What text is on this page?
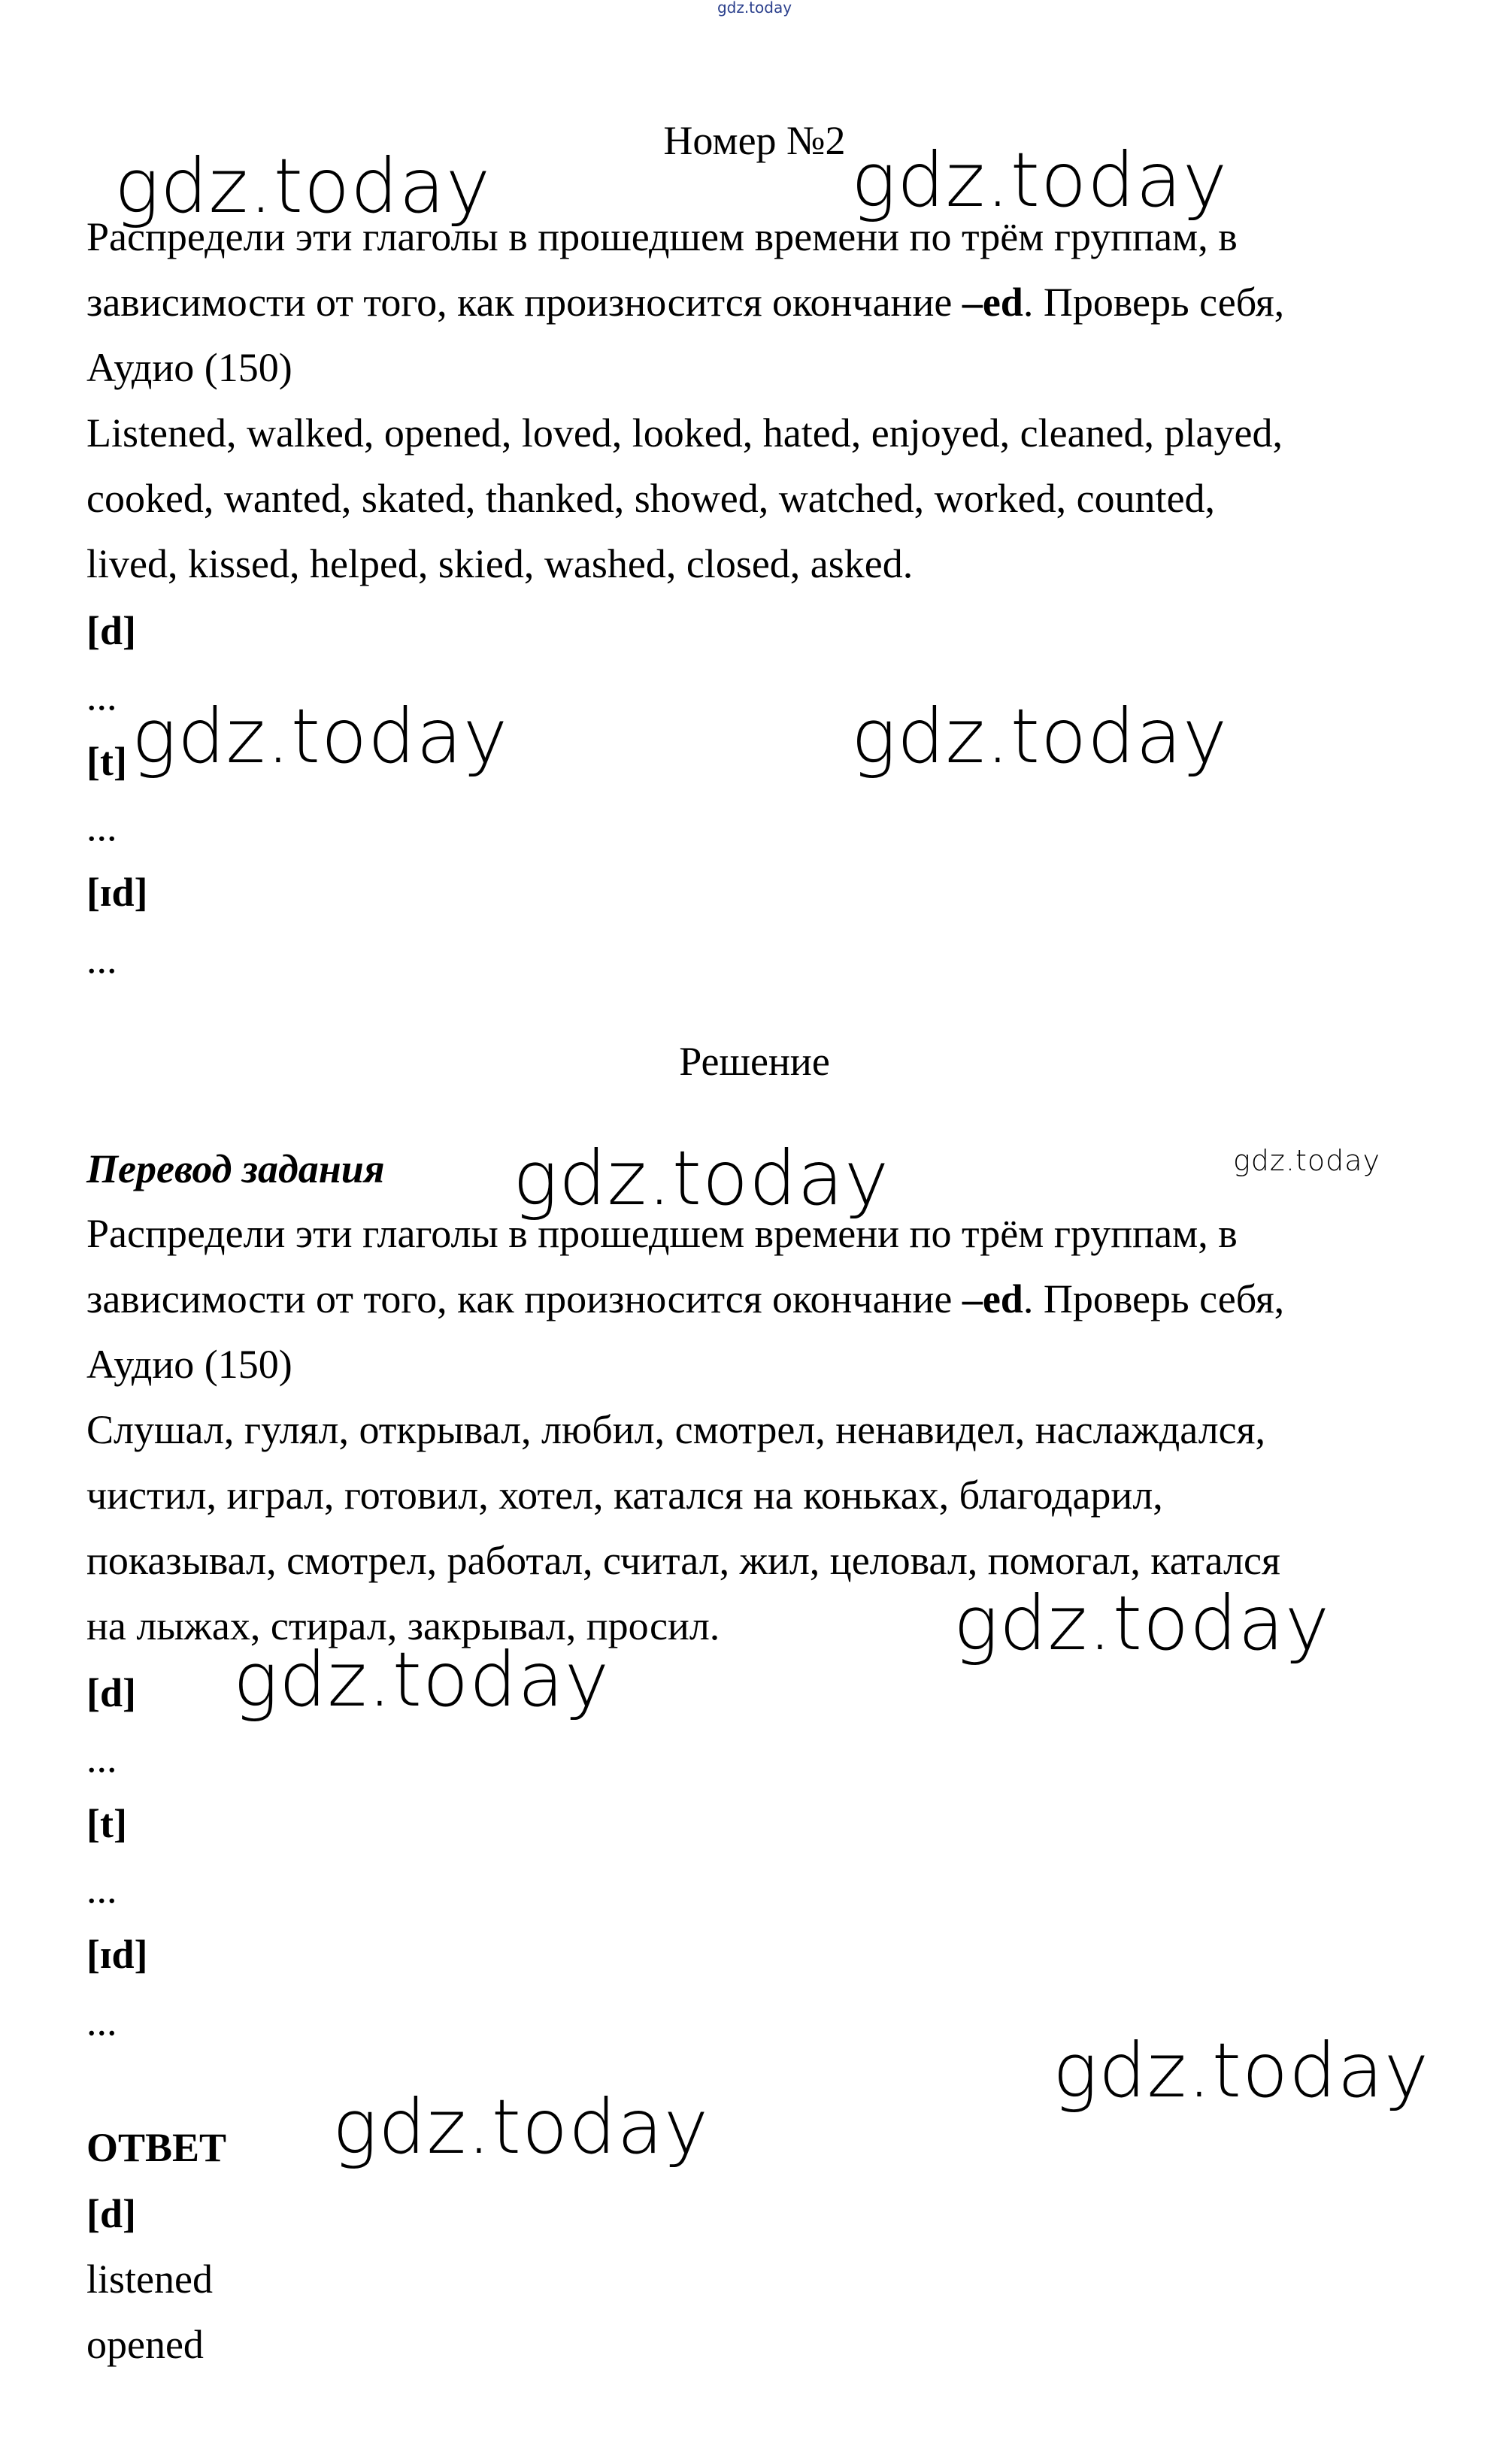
gdz.today
gdz.today	gdz.today
gdz.today	gdz.today
gdz.today	gdz.today
gdz.today
gdz.today
gdz.today
gdz.today
Номер №2
Распредели эти глаголы в прошедшем времени по трём группам, в
зависимости от того, как произносится окончание –ed. Проверь себя,
Аудио (150)
Listened, walked, opened, loved, looked, hated, enjoyed, cleaned, played,
cooked, wanted, skated, thanked, showed, watched, worked, counted,
lived, kissed, helped, skied, washed, closed, asked.
[d]
...
[t]
...
[ɪd]
...
Решение
Перевод задания
Распредели эти глаголы в прошедшем времени по трём группам, в
зависимости от того, как произносится окончание –ed. Проверь себя,
Аудио (150)
Слушал, гулял, открывал, любил, смотрел, ненавидел, наслаждался,
чистил, играл, готовил, хотел, катался на коньках, благодарил,
показывал, смотрел, работал, считал, жил, целовал, помогал, катался
на лыжах, стирал, закрывал, просил.
[d]
...
[t]
...
[ɪd]
...
ОТВЕТ
[d]
listened
opened
